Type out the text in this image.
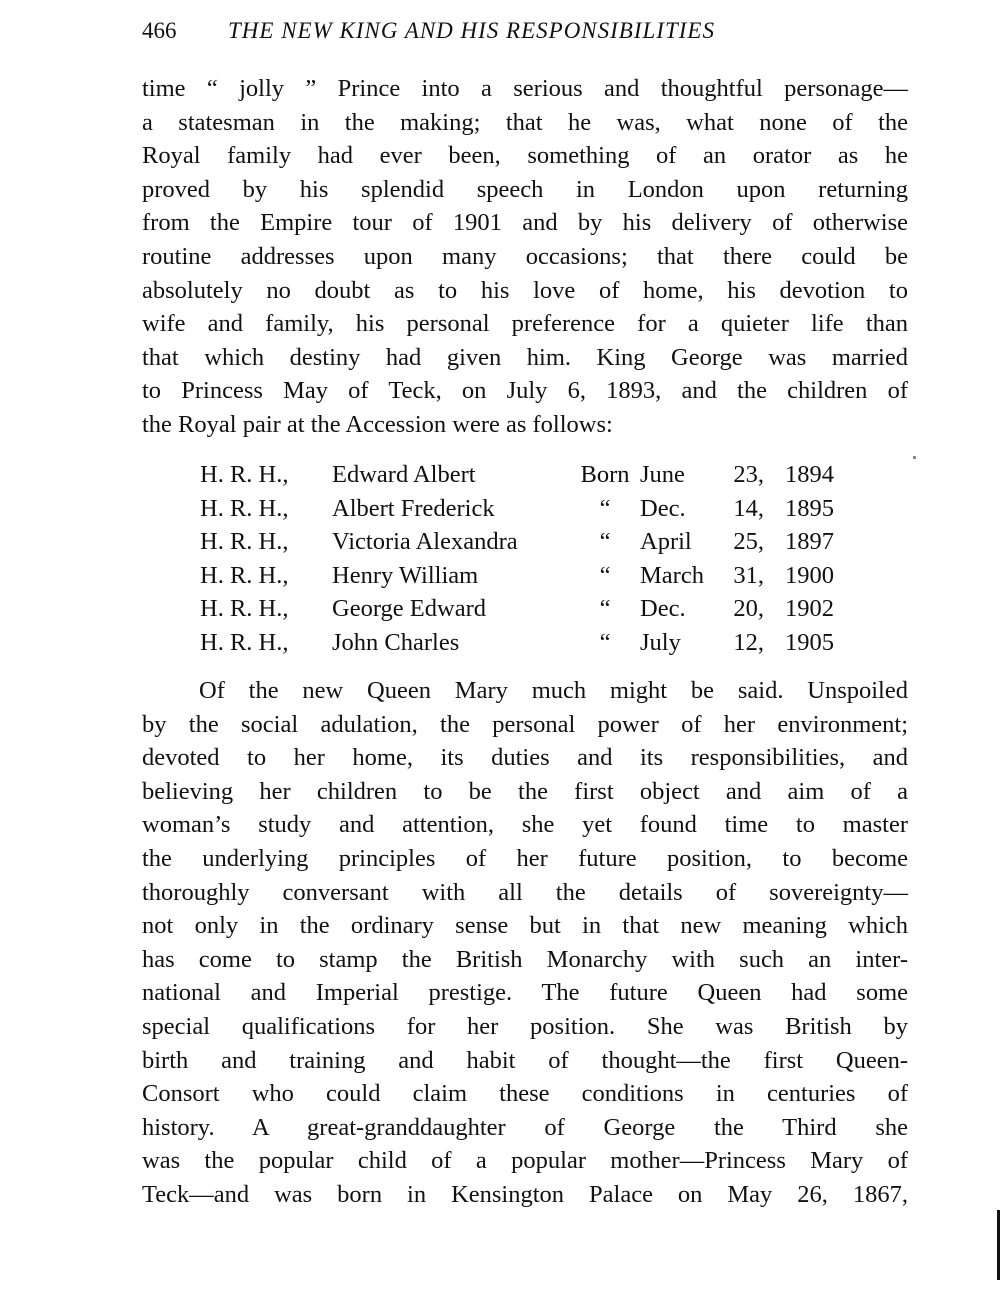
466 THE NEW KING AND HIS RESPONSIBILITIES
time “ jolly ” Prince into a serious and thoughtful personage—
a statesman in the making; that he was, what none of the
Royal family had ever been, something of an orator as he
proved by his splendid speech in London upon returning
from the Empire tour of 1901 and by his delivery of otherwise
routine addresses upon many occasions; that there could be
absolutely no doubt as to his love of home, his devotion to
wife and family, his personal preference for a quieter life than
that which destiny had given him. King George was married
to Princess May of Teck, on July 6, 1893, and the children of
the Royal pair at the Accession were as follows:
H. R. H.,	Edward Albert	Born	June	23,	1894
H. R. H.,	Albert Frederick	“	Dec.	14,	1895
H. R. H.,	Victoria Alexandra	“	April	25,	1897
H. R. H.,	Henry William	“	March	31,	1900
H. R. H.,	George Edward	“	Dec.	20,	1902
H. R. H.,	John Charles	“	July	12,	1905
Of the new Queen Mary much might be said. Unspoiled
by the social adulation, the personal power of her environment;
devoted to her home, its duties and its responsibilities, and
believing her children to be the first object and aim of a
woman’s study and attention, she yet found time to master
the underlying principles of her future position, to become
thoroughly conversant with all the details of sovereignty—
not only in the ordinary sense but in that new meaning which
has come to stamp the British Monarchy with such an inter-
national and Imperial prestige. The future Queen had some
special qualifications for her position. She was British by
birth and training and habit of thought—the first Queen-
Consort who could claim these conditions in centuries of
history. A great-granddaughter of George the Third she
was the popular child of a popular mother—Princess Mary of
Teck—and was born in Kensington Palace on May 26, 1867,
